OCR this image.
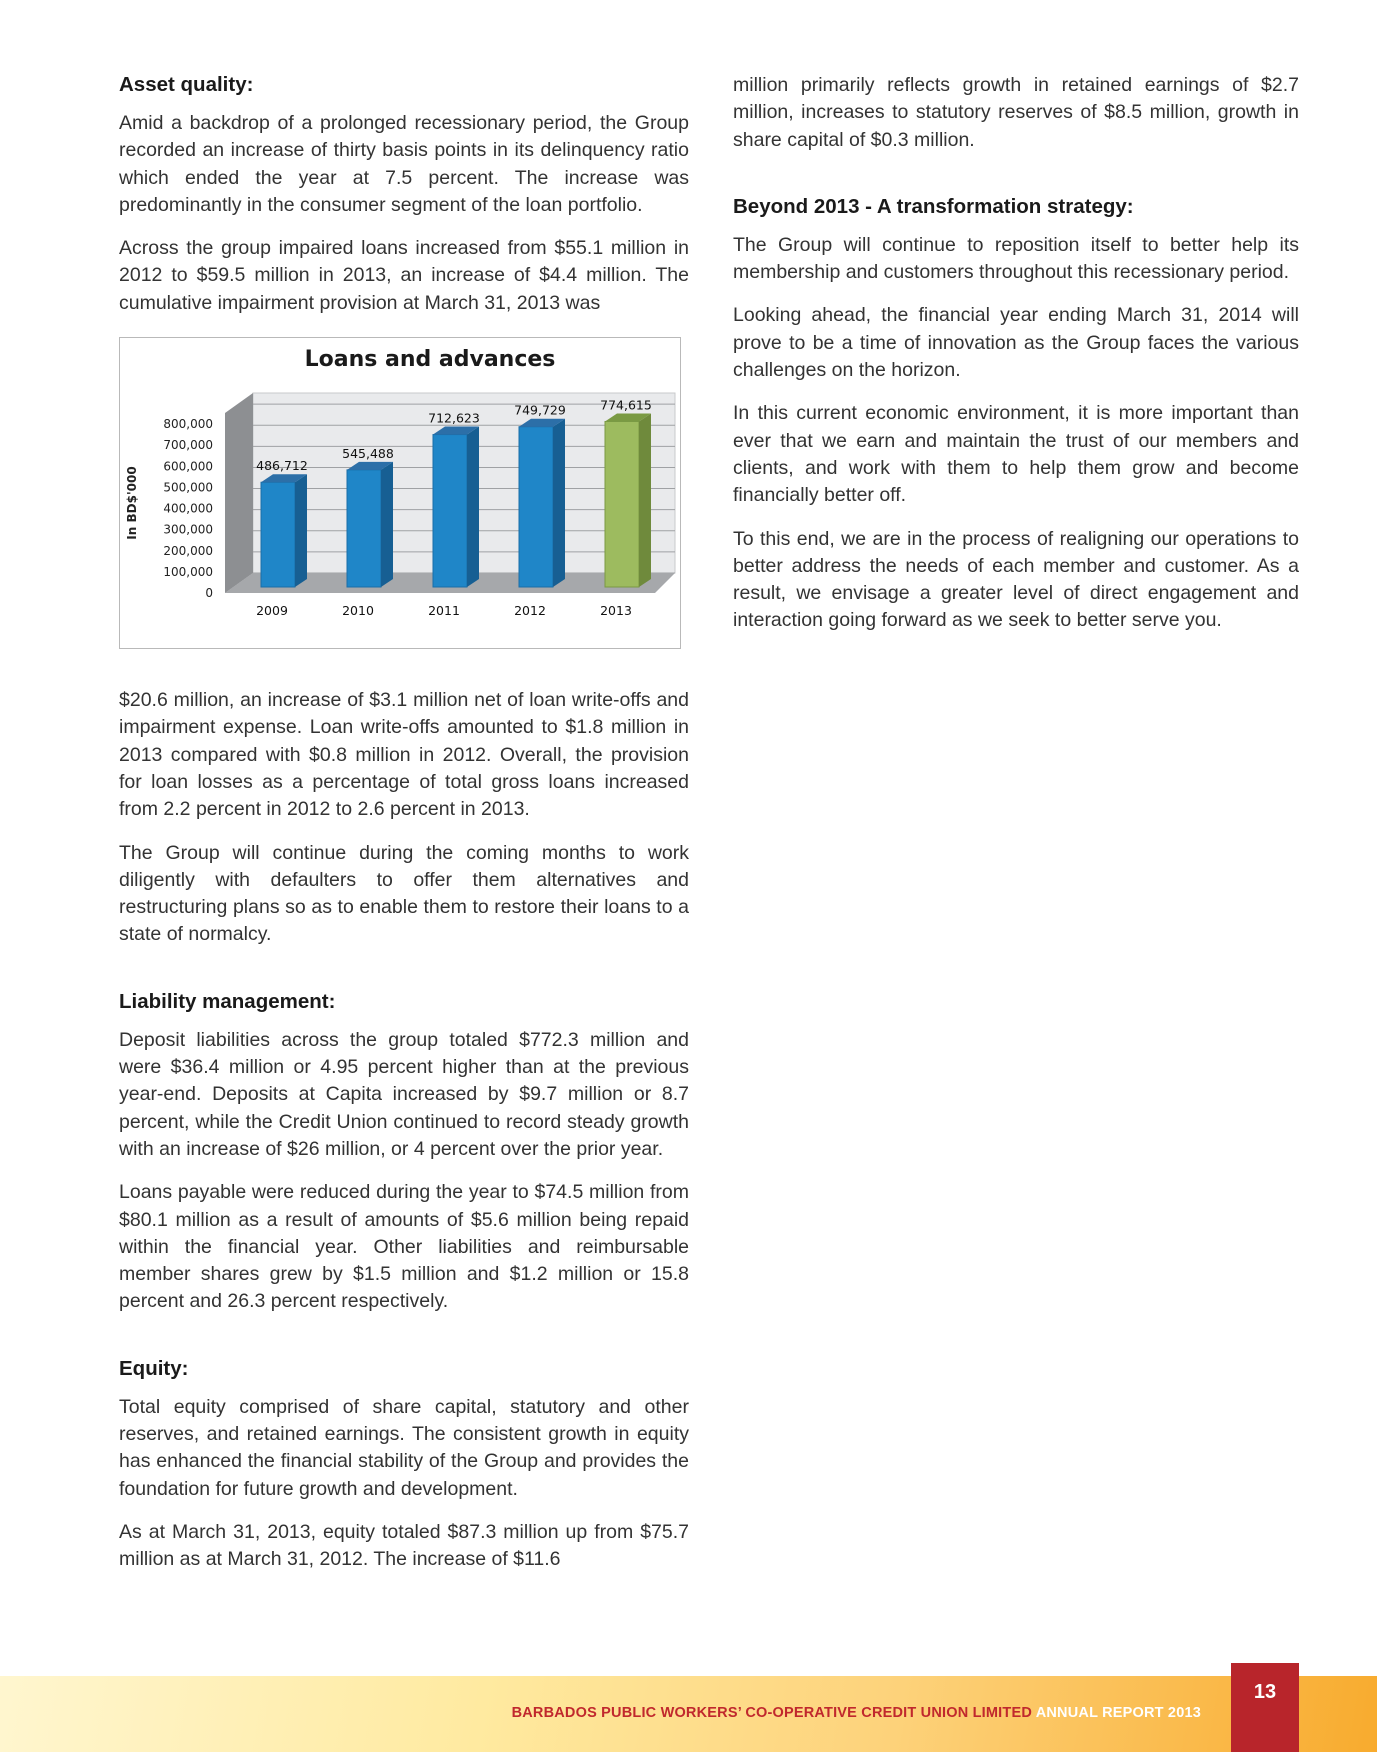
Asset quality:

Amid a backdrop of a prolonged recessionary period, the Group recorded an increase of thirty basis points in its delinquency ratio which ended the year at 7.5 percent. The increase was predominantly in the consumer segment of the loan portfolio.

Across the group impaired loans increased from $55.1 million in 2012 to $59.5 million in 2013, an increase of $4.4 million. The cumulative impairment provision at March 31, 2013 was

Loans and advances
0
100,000
200,000
300,000
400,000
500,000
600,000
700,000
800,000
In BD$'000
486,712
2009
545,488
2010
712,623
2011
749,729
2012
774,615
2013

$20.6 million, an increase of $3.1 million net of loan write-offs and impairment expense. Loan write-offs amounted to $1.8 million in 2013 compared with $0.8 million in 2012. Overall, the provision for loan losses as a percentage of total gross loans increased from 2.2 percent in 2012 to 2.6 percent in 2013.

The Group will continue during the coming months to work diligently with defaulters to offer them alternatives and restructuring plans so as to enable them to restore their loans to a state of normalcy.

Liability management:

Deposit liabilities across the group totaled $772.3 million and were $36.4 million or 4.95 percent higher than at the previous year-end. Deposits at Capita increased by $9.7 million or 8.7 percent, while the Credit Union continued to record steady growth with an increase of $26 million, or 4 percent over the prior year.

Loans payable were reduced during the year to $74.5 million from $80.1 million as a result of amounts of $5.6 million being repaid within the financial year. Other liabilities and reimbursable member shares grew by $1.5 million and $1.2 million or 15.8 percent and 26.3 percent respectively.

Equity:

Total equity comprised of share capital, statutory and other reserves, and retained earnings. The consistent growth in equity has enhanced the financial stability of the Group and provides the foundation for future growth and development.

As at March 31, 2013, equity totaled $87.3 million up from $75.7 million as at March 31, 2012. The increase of $11.6

million primarily reflects growth in retained earnings of $2.7 million, increases to statutory reserves of $8.5 million, growth in share capital of $0.3 million.

Beyond 2013 - A transformation strategy:

The Group will continue to reposition itself to better help its membership and customers throughout this recessionary period.

Looking ahead, the financial year ending March 31, 2014 will prove to be a time of innovation as the Group faces the various challenges on the horizon.

In this current economic environment, it is more important than ever that we earn and maintain the trust of our members and clients, and work with them to help them grow and become financially better off.

To this end, we are in the process of realigning our operations to better address the needs of each member and customer. As a result, we envisage a greater level of direct engagement and interaction going forward as we seek to better serve you.

BARBADOS PUBLIC WORKERS’ CO-OPERATIVE CREDIT UNION LIMITED ANNUAL REPORT 2013
13
